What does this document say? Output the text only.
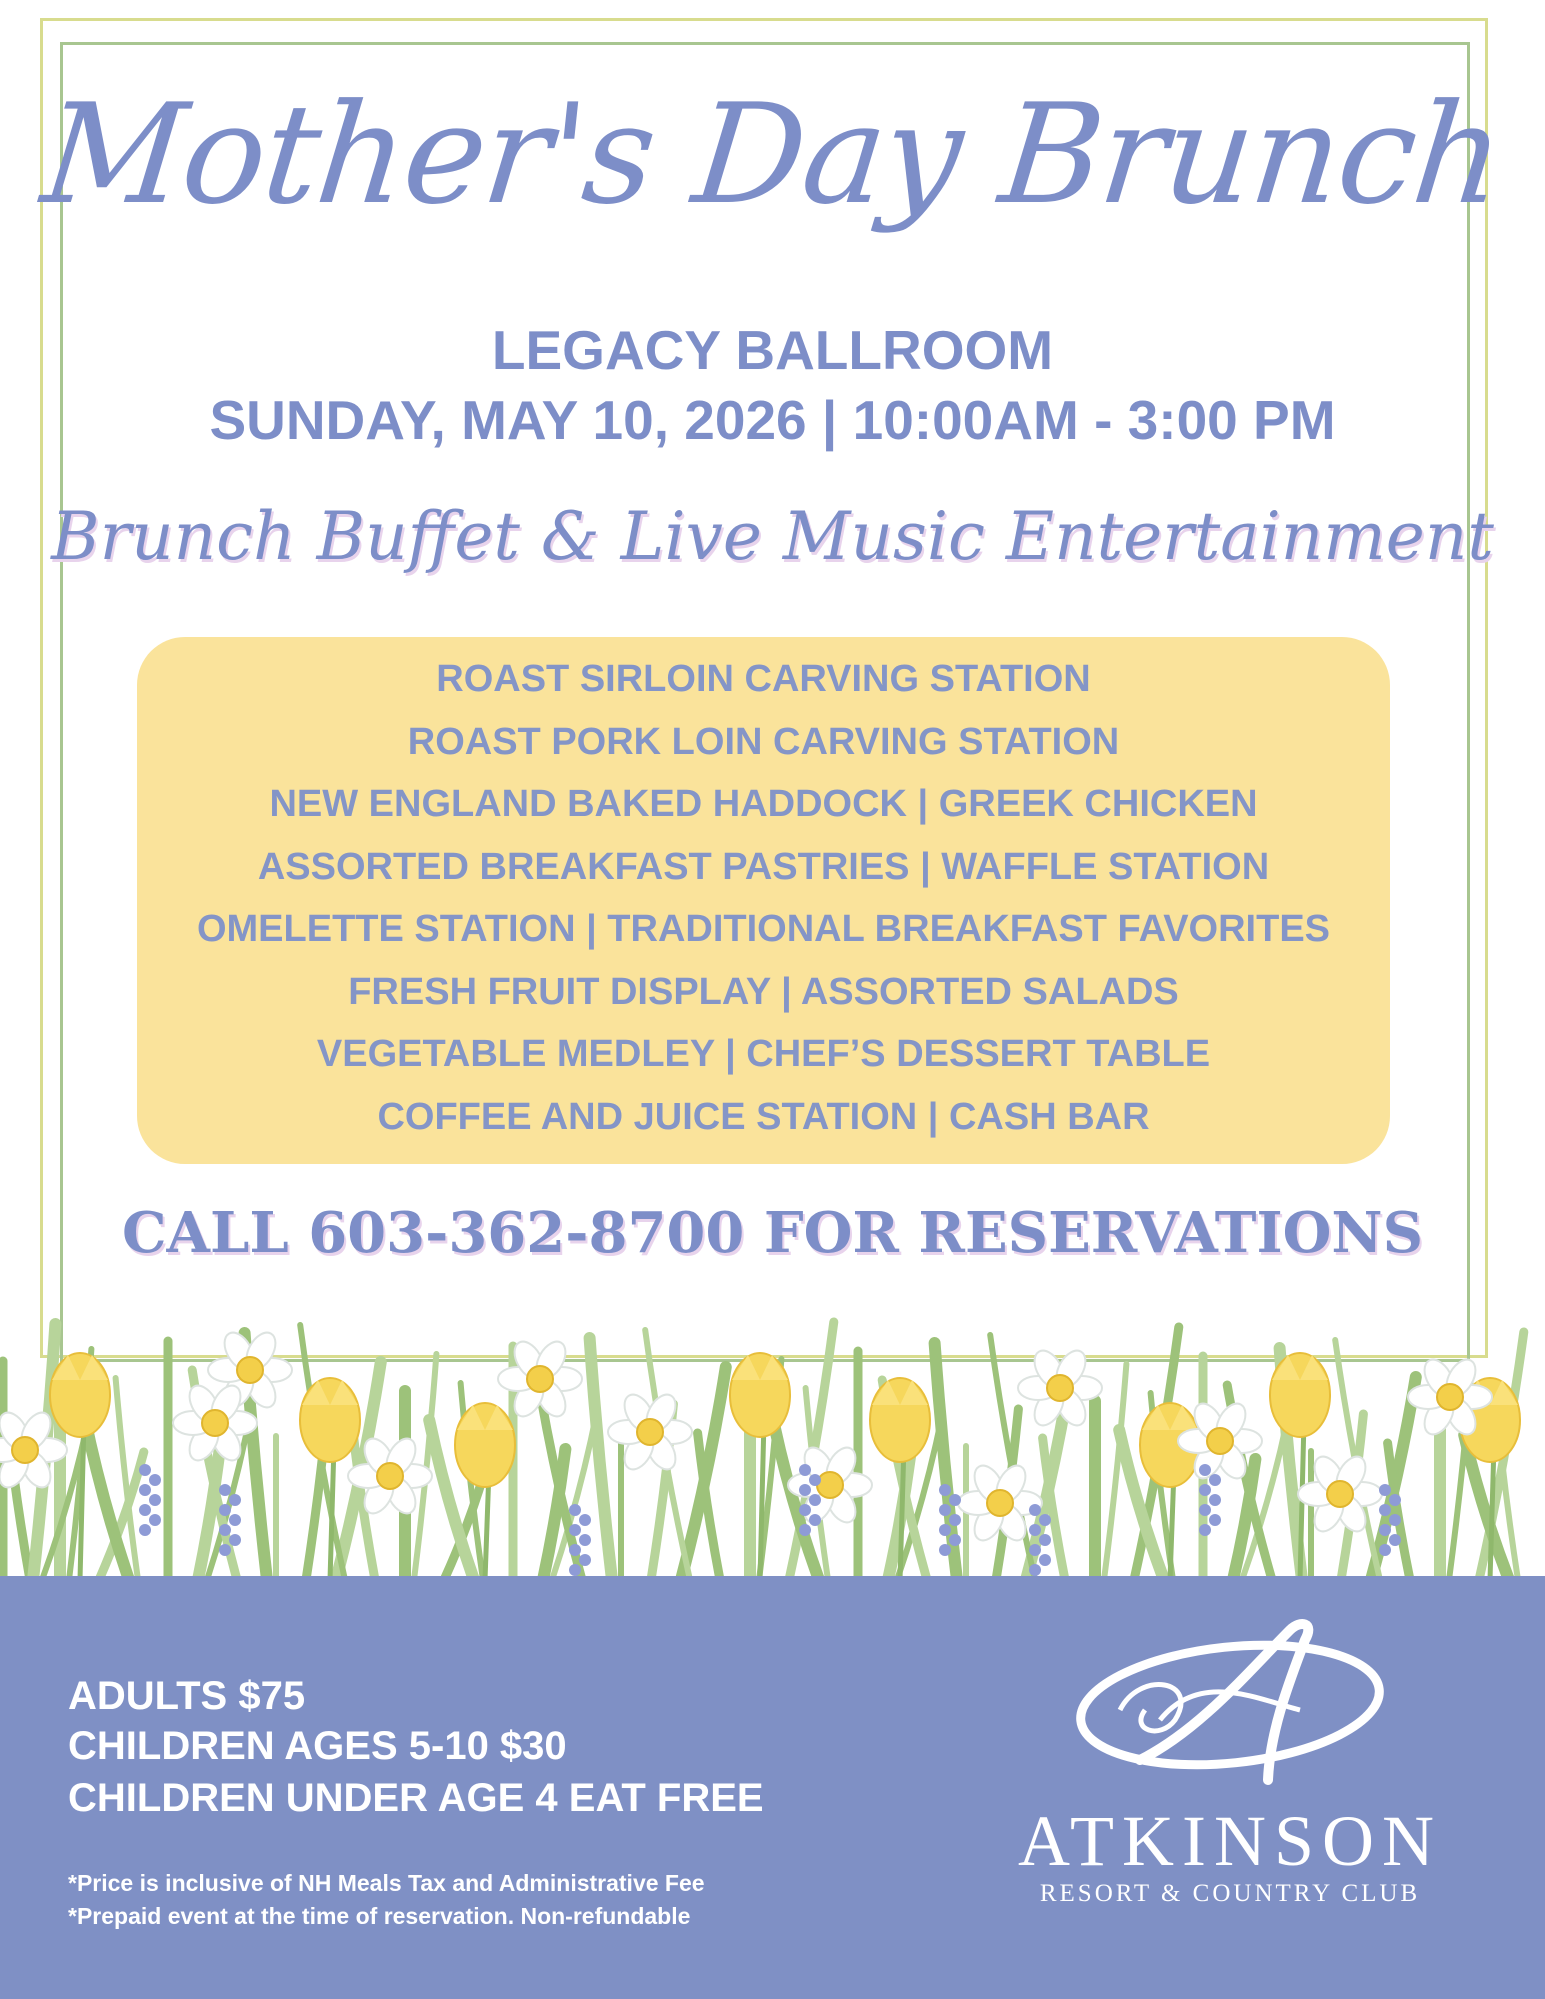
Mother's Day Brunch
LEGACY BALLROOM
SUNDAY, MAY 10, 2026 | 10:00AM - 3:00 PM
Brunch Buffet & Live Music Entertainment
ROAST SIRLOIN CARVING STATION
ROAST PORK LOIN CARVING STATION
NEW ENGLAND BAKED HADDOCK | GREEK CHICKEN
ASSORTED BREAKFAST PASTRIES | WAFFLE STATION
OMELETTE STATION | TRADITIONAL BREAKFAST FAVORITES
FRESH FRUIT DISPLAY | ASSORTED SALADS
VEGETABLE MEDLEY | CHEF’S DESSERT TABLE
COFFEE AND JUICE STATION | CASH BAR
CALL 603-362-8700 FOR RESERVATIONS
ADULTS $75
CHILDREN AGES 5-10 $30
CHILDREN UNDER AGE 4 EAT FREE
*Price is inclusive of NH Meals Tax and Administrative Fee
*Prepaid event at the time of reservation. Non-refundable
ATKINSON
RESORT & COUNTRY CLUB
